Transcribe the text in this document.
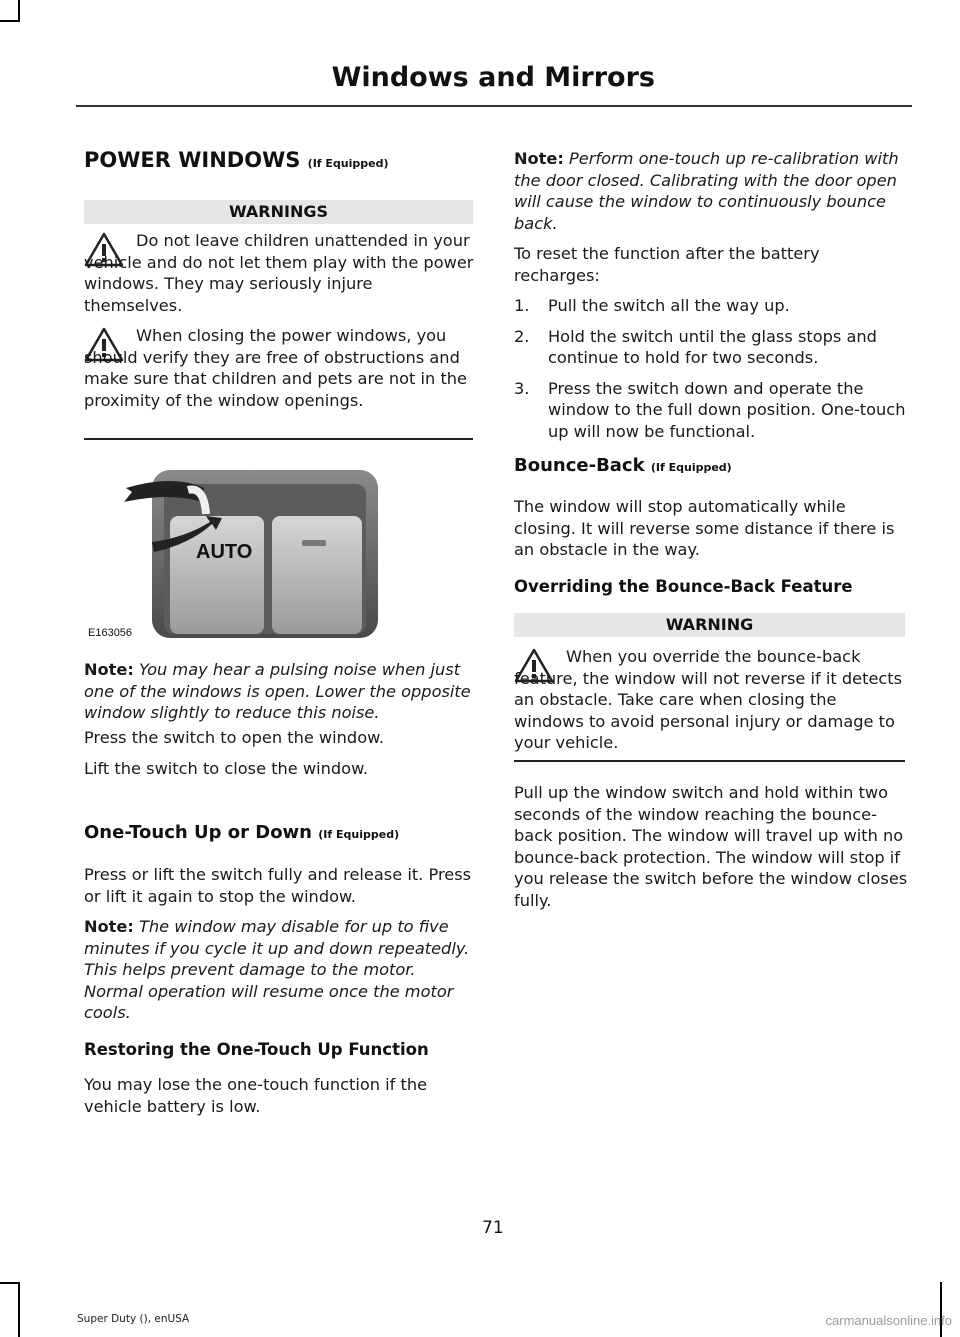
Windows and Mirrors
POWER WINDOWS (If Equipped)
WARNINGS
Do not leave children unattended in your vehicle and do not let them play with the power windows. They may seriously injure themselves.
When closing the power windows, you should verify they are free of obstructions and make sure that children and pets are not in the proximity of the window openings.
AUTO
E163056

Note: You may hear a pulsing noise when just one of the windows is open. Lower the opposite window slightly to reduce this noise.

Press the switch to open the window.

Lift the switch to close the window.

One-Touch Up or Down (If Equipped)

Press or lift the switch fully and release it. Press or lift it again to stop the window.

Note: The window may disable for up to five minutes if you cycle it up and down repeatedly. This helps prevent damage to the motor. Normal operation will resume once the motor cools.

Restoring the One-Touch Up Function

You may lose the one-touch function if the vehicle battery is low.

Note: Perform one-touch up re-calibration with the door closed. Calibrating with the door open will cause the window to continuously bounce back.

To reset the function after the battery recharges:

1. Pull the switch all the way up.
2. Hold the switch until the glass stops and continue to hold for two seconds.
3. Press the switch down and operate the window to the full down position. One-touch up will now be functional.
Bounce-Back (If Equipped)

The window will stop automatically while closing. It will reverse some distance if there is an obstacle in the way.

Overriding the Bounce-Back Feature
WARNING
When you override the bounce-back feature, the window will not reverse if it detects an obstacle. Take care when closing the windows to avoid personal injury or damage to your vehicle.

Pull up the window switch and hold within two seconds of the window reaching the bounce-back position. The window will travel up with no bounce-back protection. The window will stop if you release the switch before the window closes fully.

71
Super Duty (), enUSA	carmanualsonline.info
